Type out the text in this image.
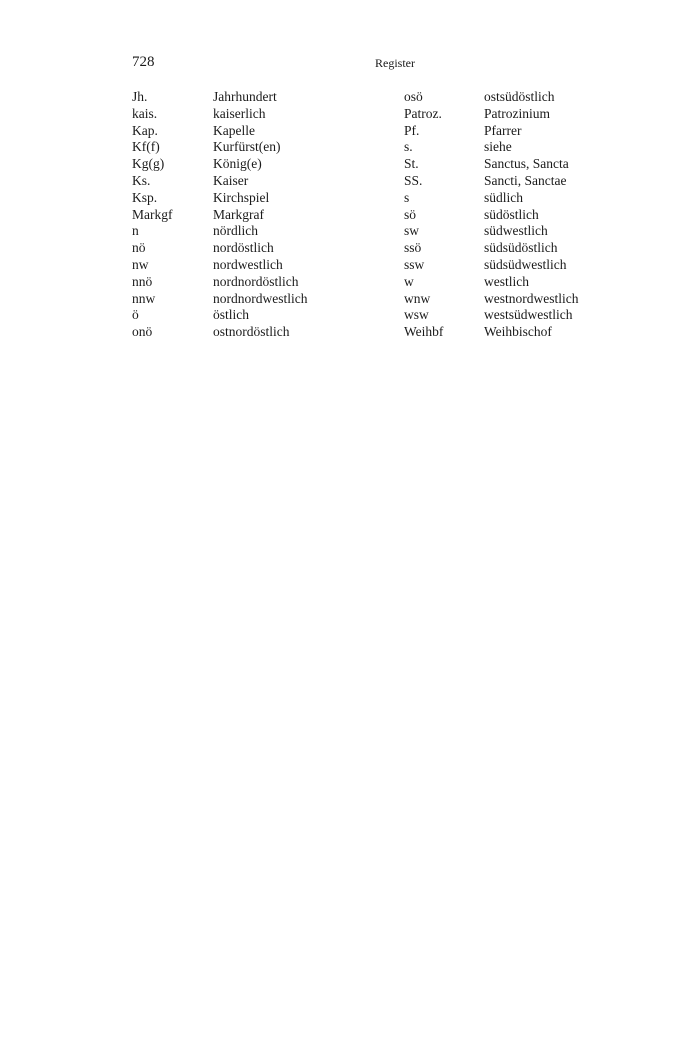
728	Register
Jh.	Jahrhundert	osö	ostsüdöstlich
kais.	kaiserlich	Patroz.	Patrozinium
Kap.	Kapelle	Pf.	Pfarrer
Kf(f)	Kurfürst(en)	s.	siehe
Kg(g)	König(e)	St.	Sanctus, Sancta
Ks.	Kaiser	SS.	Sancti, Sanctae
Ksp.	Kirchspiel	s	südlich
Markgf	Markgraf	sö	südöstlich
n	nördlich	sw	südwestlich
nö	nordöstlich	ssö	südsüdöstlich
nw	nordwestlich	ssw	südsüdwestlich
nnö	nordnordöstlich	w	westlich
nnw	nordnordwestlich	wnw	westnordwestlich
ö	östlich	wsw	westsüdwestlich
onö	ostnordöstlich	Weihbf	Weihbischof
